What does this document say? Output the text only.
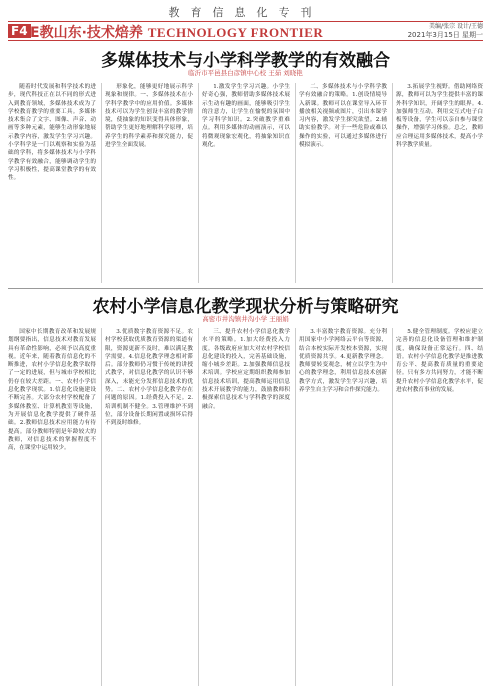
教育信息化专刊
F4 E教山东·技术焙养 TECHNOLOGY FRONTIER	美编/张宗 设计/王德
2021年3月15日 星期一
多媒体技术与小学科学教学的有效融合
临沂市平邑县白彦镇中心校 王茹 刘晓艳

随着时代发展和科学技术的进步，现代科技正在以不同的形式进入到教育领域，多媒体技术成为了学校教育教学的重要工具。多媒体技术集合了文字、图像、声音、动画等多种元素，能够生动形象地展示教学内容，激发学生学习兴趣。小学科学是一门以观察和实验为基础的学科，将多媒体技术与小学科学教学有效融合，能够调动学生的学习积极性，提高课堂教学的有效性。

形象化，能够更好地展示科学现象和规律。一、多媒体技术在小学科学教学中的应用价值。多媒体技术可以为学生创设丰富的教学情境，使抽象的知识变得具体形象，帮助学生更好地理解科学原理，培养学生的科学素养和探究能力，促进学生全面发展。

1.激发学生学习兴趣。小学生好奇心强，教师借助多媒体技术展示生动有趣的画面，能够吸引学生的注意力，让学生在愉悦的氛围中学习科学知识。2.突破教学重难点。利用多媒体的动画演示，可以将微观现象宏观化，将抽象知识直观化。

二、多媒体技术与小学科学教学有效融合的策略。1.创设情境导入新课。教师可以在课堂导入环节播放相关视频或图片，引出本课学习内容，激发学生探究欲望。2.辅助实验教学。对于一些危险或难以操作的实验，可以通过多媒体进行模拟演示。

3.拓展学生视野。借助网络资源，教师可以为学生提供丰富的课外科学知识，开阔学生的眼界。4.加强师生互动。利用交互式电子白板等设备，学生可以亲自参与课堂操作，增强学习体验。总之，教师应合理运用多媒体技术，提高小学科学教学质量。

农村小学信息化教学现状分析与策略研究
高密市井沟镇井沟小学 王丽娟

国家中长期教育改革和发展规划纲要指出，信息技术对教育发展具有革命性影响，必须予以高度重视。近年来，随着教育信息化的不断推进，农村小学信息化教学取得了一定的进展，但与城市学校相比仍存在较大差距。一、农村小学信息化教学现状。1.信息化设施建设不断完善。大部分农村学校配备了多媒体教室、计算机教室等设施，为开展信息化教学提供了硬件基础。2.教师信息技术应用能力有待提高。部分教师特别是年龄较大的教师，对信息技术的掌握程度不高，在课堂中运用较少。

3.优质数字教育资源不足。农村学校获取优质教育资源的渠道有限，资源更新不及时，难以满足教学需要。4.信息化教学理念相对滞后。部分教师仍习惯于传统的讲授式教学，对信息化教学的认识不够深入，未能充分发挥信息技术的优势。二、农村小学信息化教学存在问题的原因。1.经费投入不足。2.培训机制不健全。3.管理维护不到位，部分设备长期闲置或损坏后得不到及时维修。

三、提升农村小学信息化教学水平的策略。1.加大经费投入力度。各级政府应加大对农村学校信息化建设的投入，完善基础设施，缩小城乡差距。2.加强教师信息技术培训。学校应定期组织教师参加信息技术培训，提高教师运用信息技术开展教学的能力，鼓励教师积极探索信息技术与学科教学的深度融合。

3.丰富数字教育资源。充分利用国家中小学网络云平台等资源，结合本校实际开发校本资源，实现优质资源共享。4.更新教学理念。教师要转变观念，树立以学生为中心的教学理念，利用信息技术创新教学方式，激发学生学习兴趣，培养学生自主学习和合作探究能力。

5.健全管理制度。学校应建立完善的信息化设备管理和维护制度，确保设备正常运行。四、结语。农村小学信息化教学是推进教育公平、提高教育质量的重要途径。只有多方共同努力，才能不断提升农村小学信息化教学水平，促进农村教育事业的发展。
